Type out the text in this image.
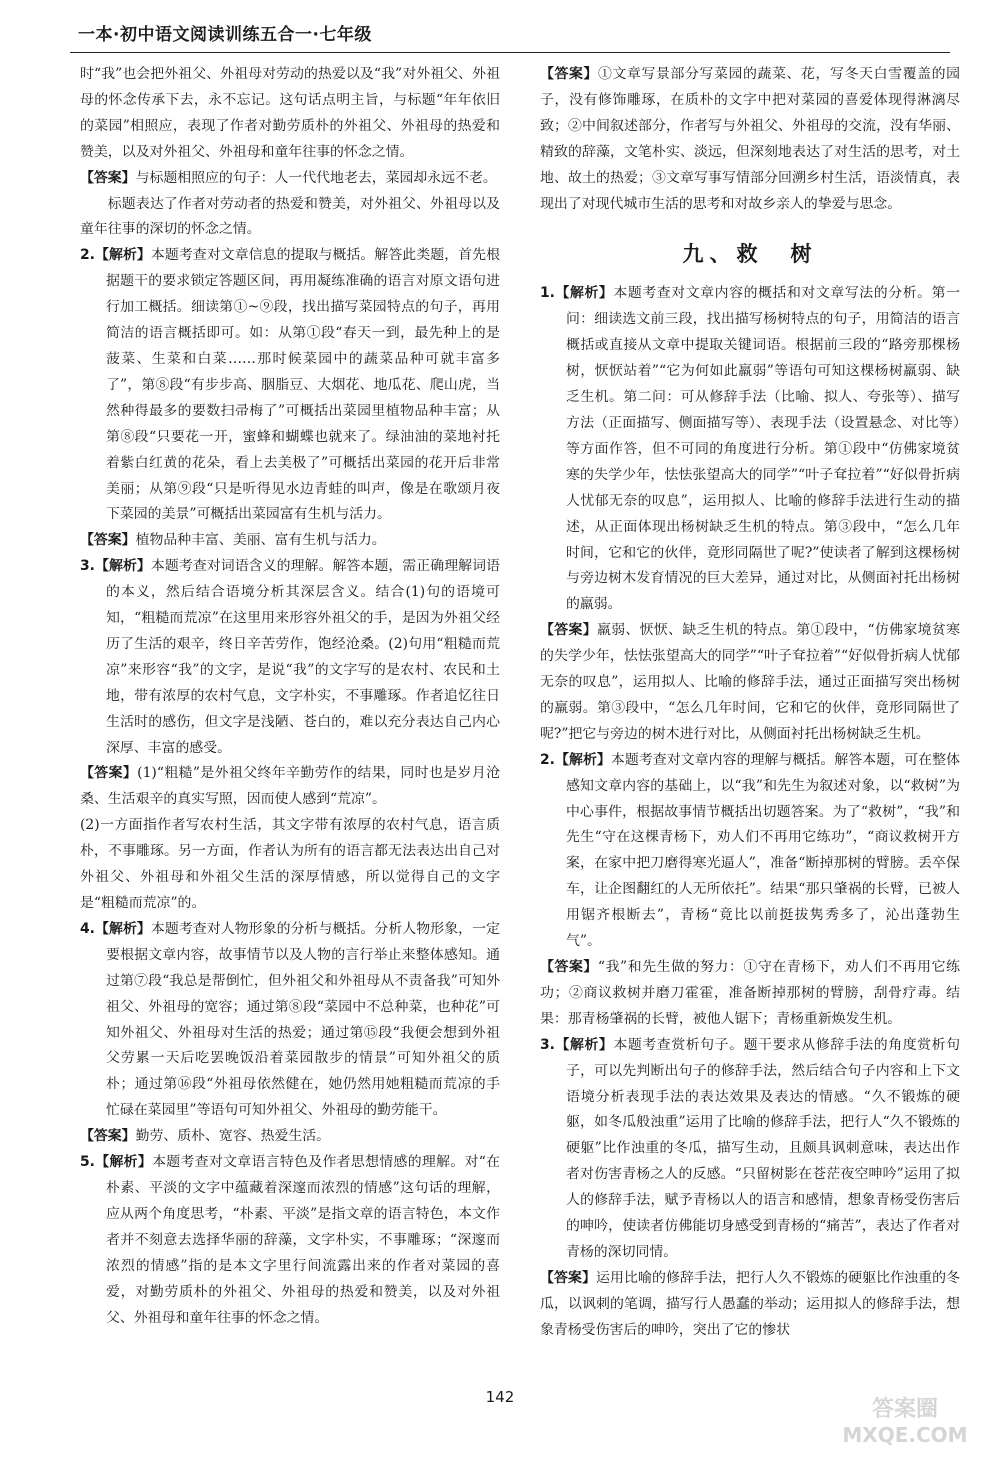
一本·初中语文阅读训练五合一·七年级

时“我”也会把外祖父、外祖母对劳动的热爱以及“我”对外祖父、外祖母的怀念传承下去，永不忘记。这句话点明主旨，与标题“年年依旧的菜园”相照应，表现了作者对勤劳质朴的外祖父、外祖母的热爱和赞美，以及对外祖父、外祖母和童年往事的怀念之情。

【答案】与标题相照应的句子：人一代代地老去，菜园却永远不老。

标题表达了作者对劳动者的热爱和赞美，对外祖父、外祖母以及童年往事的深切的怀念之情。

2.【解析】本题考查对文章信息的提取与概括。解答此类题，首先根据题干的要求锁定答题区间，再用凝练准确的语言对原文语句进行加工概括。细读第①~⑨段，找出描写菜园特点的句子，再用简洁的语言概括即可。如：从第①段“春天一到，最先种上的是菠菜、生菜和白菜……那时候菜园中的蔬菜品种可就丰富多了”，第⑧段“有步步高、胭脂豆、大烟花、地瓜花、爬山虎，当然种得最多的要数扫帚梅了”可概括出菜园里植物品种丰富；从第⑧段“只要花一开，蜜蜂和蝴蝶也就来了。绿油油的菜地衬托着紫白红黄的花朵，看上去美极了”可概括出菜园的花开后非常美丽；从第⑨段“只是听得见水边青蛙的叫声，像是在歌颂月夜下菜园的美景”可概括出菜园富有生机与活力。

【答案】植物品种丰富、美丽、富有生机与活力。

3.【解析】本题考查对词语含义的理解。解答本题，需正确理解词语的本义，然后结合语境分析其深层含义。结合(1)句的语境可知，“粗糙而荒凉”在这里用来形容外祖父的手，是因为外祖父经历了生活的艰辛，终日辛苦劳作，饱经沧桑。(2)句用“粗糙而荒凉”来形容“我”的文字，是说“我”的文字写的是农村、农民和土地，带有浓厚的农村气息，文字朴实，不事雕琢。作者追忆往日生活时的感伤，但文字是浅陋、苍白的，难以充分表达自己内心深厚、丰富的感受。

【答案】(1)“粗糙”是外祖父终年辛勤劳作的结果，同时也是岁月沧桑、生活艰辛的真实写照，因而使人感到“荒凉”。

(2)一方面指作者写农村生活，其文字带有浓厚的农村气息，语言质朴，不事雕琢。另一方面，作者认为所有的语言都无法表达出自己对外祖父、外祖母和外祖父生活的深厚情感，所以觉得自己的文字是“粗糙而荒凉”的。

4.【解析】本题考查对人物形象的分析与概括。分析人物形象，一定要根据文章内容，故事情节以及人物的言行举止来整体感知。通过第⑦段“我总是帮倒忙，但外祖父和外祖母从不责备我”可知外祖父、外祖母的宽容；通过第⑧段“菜园中不总种菜，也种花”可知外祖父、外祖母对生活的热爱；通过第⑮段“我便会想到外祖父劳累一天后吃罢晚饭沿着菜园散步的情景”可知外祖父的质朴；通过第⑯段“外祖母依然健在，她仍然用她粗糙而荒凉的手忙碌在菜园里”等语句可知外祖父、外祖母的勤劳能干。

【答案】勤劳、质朴、宽容、热爱生活。

5.【解析】本题考查对文章语言特色及作者思想情感的理解。对“在朴素、平淡的文字中蕴藏着深邃而浓烈的情感”这句话的理解，应从两个角度思考，“朴素、平淡”是指文章的语言特色，本文作者并不刻意去选择华丽的辞藻，文字朴实，不事雕琢；“深邃而浓烈的情感”指的是本文字里行间流露出来的作者对菜园的喜爱，对勤劳质朴的外祖父、外祖母的热爱和赞美，以及对外祖父、外祖母和童年往事的怀念之情。

【答案】①文章写景部分写菜园的蔬菜、花，写冬天白雪覆盖的园子，没有修饰雕琢，在质朴的文字中把对菜园的喜爱体现得淋漓尽致；②中间叙述部分，作者写与外祖父、外祖母的交流，没有华丽、精致的辞藻，文笔朴实、淡远，但深刻地表达了对生活的思考，对土地、故土的热爱；③文章写事写情部分回溯乡村生活，语淡情真，表现出了对现代城市生活的思考和对故乡亲人的挚爱与思念。

九、救　树

1.【解析】本题考查对文章内容的概括和对文章写法的分析。第一问：细读选文前三段，找出描写杨树特点的句子，用简洁的语言概括或直接从文章中提取关键词语。根据前三段的“路旁那棵杨树，恹恹站着”“它为何如此羸弱”等语句可知这棵杨树羸弱、缺乏生机。第二问：可从修辞手法（比喻、拟人、夸张等）、描写方法（正面描写、侧面描写等）、表现手法（设置悬念、对比等）等方面作答，但不可同的角度进行分析。第①段中“仿佛家境贫寒的失学少年，怯怯张望高大的同学”“叶子耷拉着”“好似骨折病人忧郁无奈的叹息”，运用拟人、比喻的修辞手法进行生动的描述，从正面体现出杨树缺乏生机的特点。第③段中，“怎么几年时间，它和它的伙伴，竟形同隔世了呢?”使读者了解到这棵杨树与旁边树木发育情况的巨大差异，通过对比，从侧面衬托出杨树的羸弱。

【答案】羸弱、恹恹、缺乏生机的特点。第①段中，“仿佛家境贫寒的失学少年，怯怯张望高大的同学”“叶子耷拉着”“好似骨折病人忧郁无奈的叹息”，运用拟人、比喻的修辞手法，通过正面描写突出杨树的羸弱。第③段中，“怎么几年时间，它和它的伙伴，竟形同隔世了呢?”把它与旁边的树木进行对比，从侧面衬托出杨树缺乏生机。

2.【解析】本题考查对文章内容的理解与概括。解答本题，可在整体感知文章内容的基础上，以“我”和先生为叙述对象，以“救树”为中心事件，根据故事情节概括出切题答案。为了“救树”，“我”和先生“守在这棵青杨下，劝人们不再用它练功”，“商议救树开方案，在家中把刀磨得寒光逼人”，准备“断掉那树的臂膀。丢卒保车，让企图翻红的人无所依托”。结果“那只肇祸的长臂，已被人用锯齐根断去”，青杨“竟比以前挺拔隽秀多了，沁出蓬勃生气”。

【答案】“我”和先生做的努力：①守在青杨下，劝人们不再用它练功；②商议救树并磨刀霍霍，准备断掉那树的臂膀，刮骨疗毒。结果：那青杨肇祸的长臂，被他人锯下；青杨重新焕发生机。

3.【解析】本题考查赏析句子。题干要求从修辞手法的角度赏析句子，可以先判断出句子的修辞手法，然后结合句子内容和上下文语境分析表现手法的表达效果及表达的情感。“久不锻炼的硬躯，如冬瓜般浊重”运用了比喻的修辞手法，把行人“久不锻炼的硬躯”比作浊重的冬瓜，描写生动，且颇具讽刺意味，表达出作者对伤害青杨之人的反感。“只留树影在苍茫夜空呻吟”运用了拟人的修辞手法，赋予青杨以人的语言和感情，想象青杨受伤害后的呻吟，使读者仿佛能切身感受到青杨的“痛苦”，表达了作者对青杨的深切同情。

【答案】运用比喻的修辞手法，把行人久不锻炼的硬躯比作浊重的冬瓜，以讽刺的笔调，描写行人愚蠢的举动；运用拟人的修辞手法，想象青杨受伤害后的呻吟，突出了它的惨状

142	答案圈
MXQE.COM
